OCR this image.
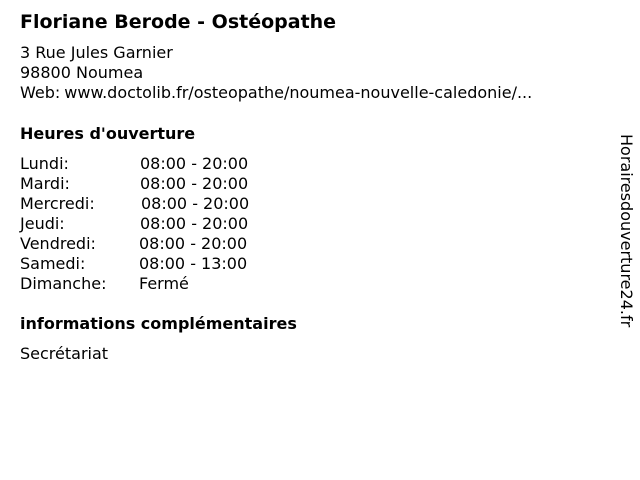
Floriane Berode - Ostéopathe
3 Rue Jules Garnier
98800 Noumea
Web: www.doctolib.fr/osteopathe/noumea-nouvelle-caledonie/...
Heures d'ouverture
Lundi:	08:00 - 20:00
Mardi:	08:00 - 20:00
Mercredi:	08:00 - 20:00
Jeudi:	08:00 - 20:00
Vendredi:	08:00 - 20:00
Samedi:	08:00 - 13:00
Dimanche: Fermé
informations complémentaires
Secrétariat
Horairesdouverture24.fr
